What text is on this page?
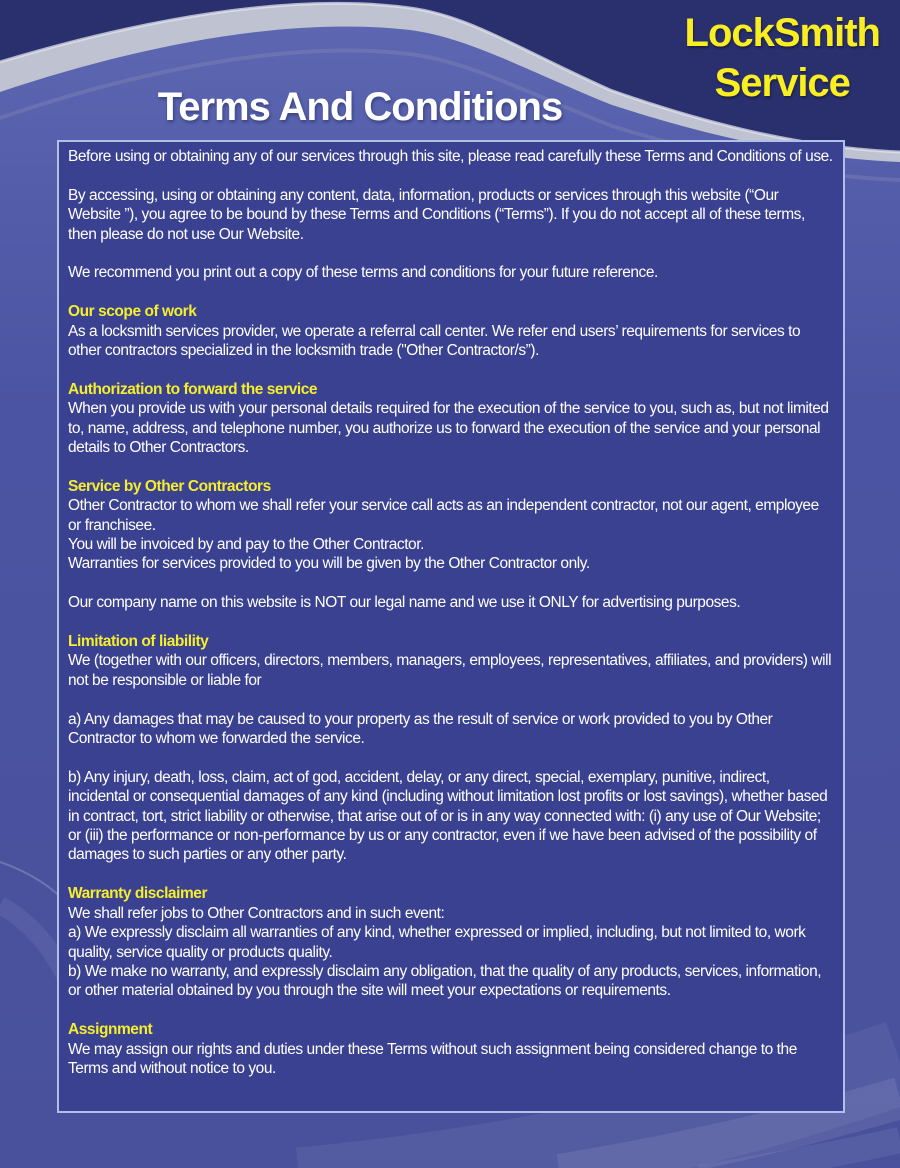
LockSmith
Service
Terms And Conditions
Before using or obtaining any of our services through this site, please read carefully these Terms and Conditions of use.
By accessing, using or obtaining any content, data, information, products or services through this website (“Our Website ”), you agree to be bound by these Terms and Conditions (“Terms”). If you do not accept all of these terms, then please do not use Our Website.
We recommend you print out a copy of these terms and conditions for your future reference.
Our scope of work
As a locksmith services provider, we operate a referral call center. We refer end users’ requirements for services to other contractors specialized in the locksmith trade ("Other Contractor/s”).
Authorization to forward the service
When you provide us with your personal details required for the execution of the service to you, such as, but not limited to, name, address, and telephone number, you authorize us to forward the execution of the service and your personal details to Other Contractors.
Service by Other Contractors
Other Contractor to whom we shall refer your service call acts as an independent contractor, not our agent, employee or franchisee.
You will be invoiced by and pay to the Other Contractor.
Warranties for services provided to you will be given by the Other Contractor only.
Our company name on this website is NOT our legal name and we use it ONLY for advertising purposes.
Limitation of liability
We (together with our officers, directors, members, managers, employees, representatives, affiliates, and providers) will not be responsible or liable for
a) Any damages that may be caused to your property as the result of service or work provided to you by Other Contractor to whom we forwarded the service.
b) Any injury, death, loss, claim, act of god, accident, delay, or any direct, special, exemplary, punitive, indirect, incidental or consequential damages of any kind (including without limitation lost profits or lost savings), whether based in contract, tort, strict liability or otherwise, that arise out of or is in any way connected with: (i) any use of Our Website; or (iii) the performance or non-performance by us or any contractor, even if we have been advised of the possibility of damages to such parties or any other party.
Warranty disclaimer
We shall refer jobs to Other Contractors and in such event:
a) We expressly disclaim all warranties of any kind, whether expressed or implied, including, but not limited to, work quality, service quality or products quality.
b) We make no warranty, and expressly disclaim any obligation, that the quality of any products, services, information, or other material obtained by you through the site will meet your expectations or requirements.
Assignment
We may assign our rights and duties under these Terms without such assignment being considered change to the Terms and without notice to you.
